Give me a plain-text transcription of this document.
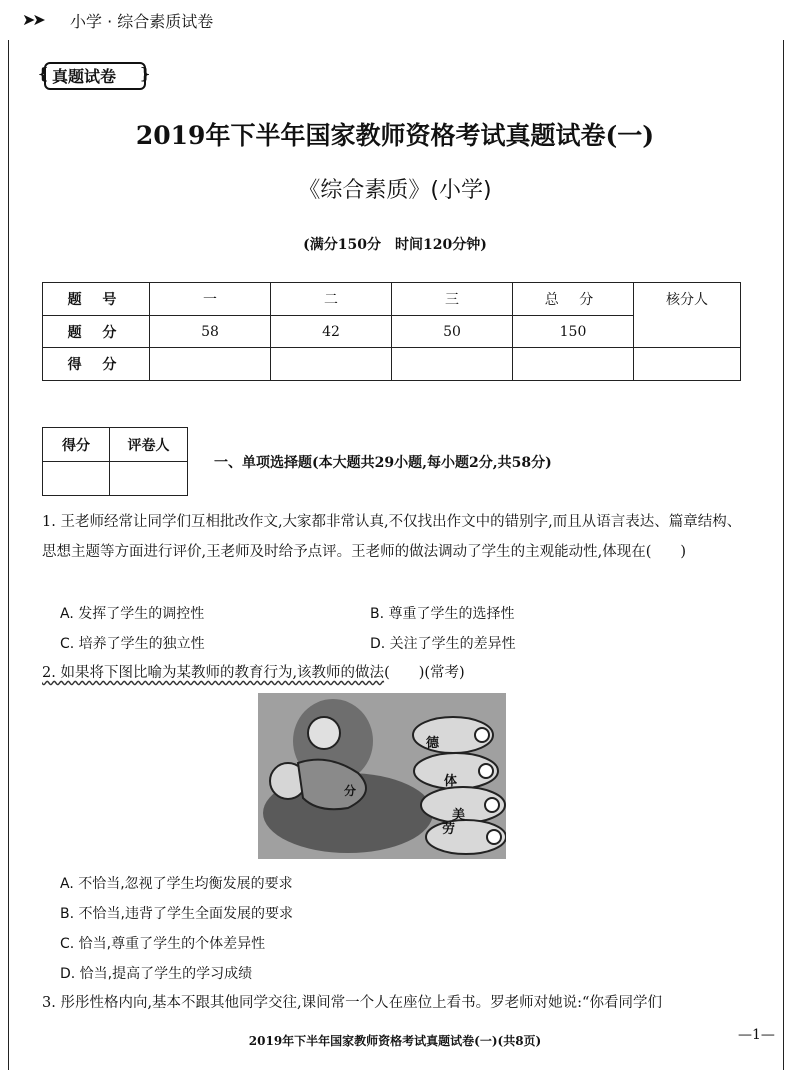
➤➤ 小学 · 综合素质试卷
{ 真题试卷 }
2019年下半年国家教师资格考试真题试卷(一)
《综合素质》(小学)
(满分150分　时间120分钟)
题 号	一	二	三	总 分	核分人
题 分	58	42	50	150	
得 分					
得分	评卷人

一、单项选择题(本大题共29小题,每小题2分,共58分)
1. 王老师经常让同学们互相批改作文,大家都非常认真,不仅找出作文中的错别字,而且从语言表达、篇章结构、思想主题等方面进行评价,王老师及时给予点评。王老师的做法调动了学生的主观能动性,体现在(　　)
A. 发挥了学生的调控性	B. 尊重了学生的选择性
C. 培养了学生的独立性	D. 关注了学生的差异性
2. 如果将下图比喻为某教师的教育行为,该教师的做法(　　)(常考)
德
体
美
劳
分
A. 不恰当,忽视了学生均衡发展的要求
B. 不恰当,违背了学生全面发展的要求
C. 恰当,尊重了学生的个体差异性
D. 恰当,提高了学生的学习成绩
3. 彤彤性格内向,基本不跟其他同学交往,课间常一个人在座位上看书。罗老师对她说:“你看同学们
2019年下半年国家教师资格考试真题试卷(一)(共8页)	—1—
